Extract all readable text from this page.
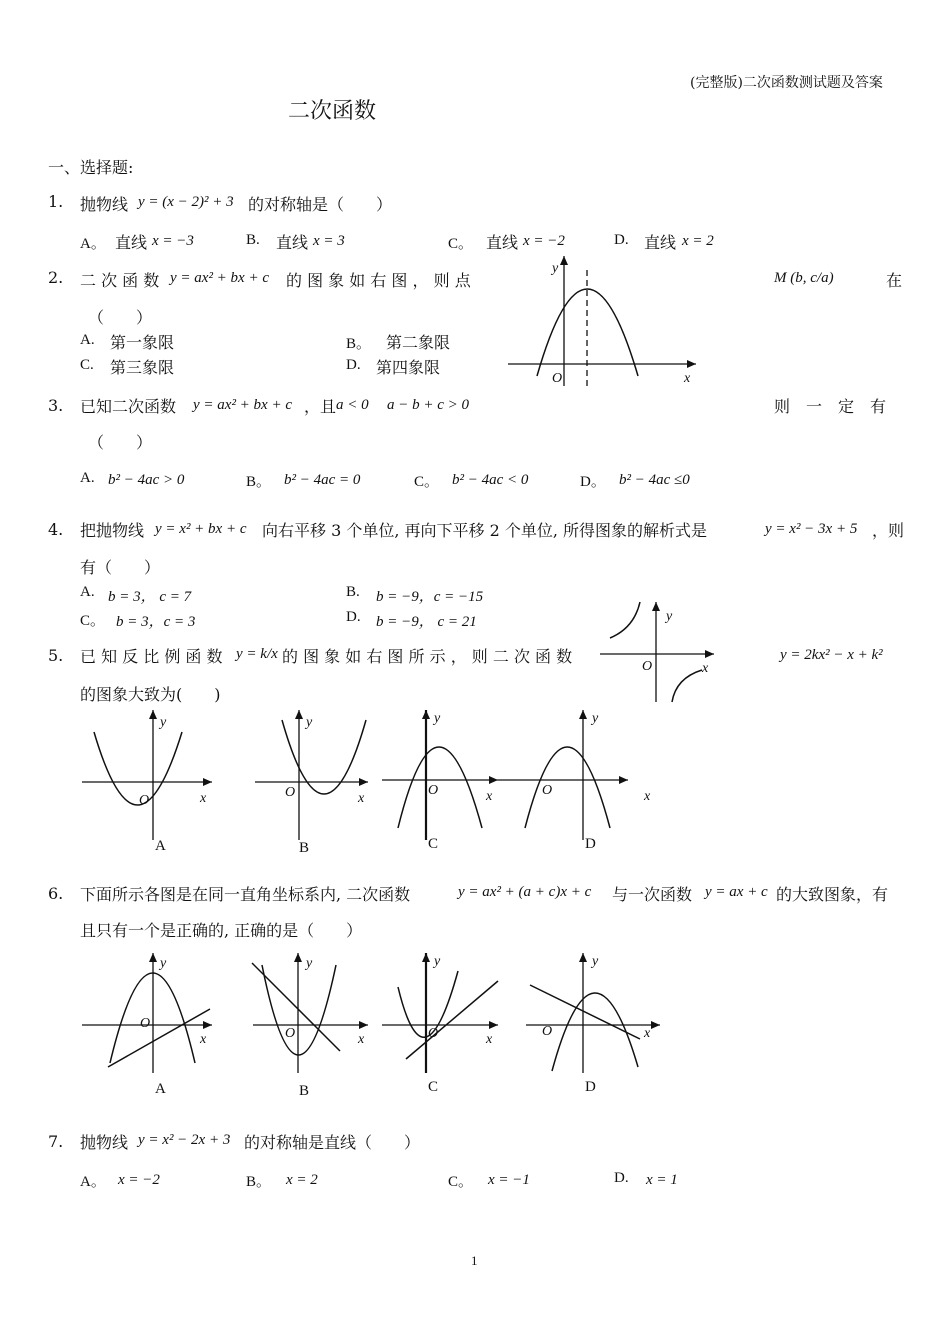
(完整版)二次函数测试题及答案
二次函数
一、选择题:
1. 抛物线 y = (x − 2)² + 3 的对称轴是（　　）
A。 直线 x = −3	B. 直线 x = 3	C。 直线 x = −2	D. 直线 x = 2
2. 二 次 函 数 y = ax² + bx + c 的 图 象 如 右 图 ， 则 点	M (b, c/a)	在
（　　）
A. 第一象限	B。 第二象限
C. 第三象限	D. 第四象限
y
x
O
3. 已知二次函数 y = ax² + bx + c ，且 a < 0 a − b + c > 0	则　一　定　有
（　　）
A. b² − 4ac > 0	B。 b² − 4ac = 0	C。 b² − 4ac < 0	D。 b² − 4ac ≤0
4. 把抛物线 y = x² + bx + c 向右平移 3 个单位, 再向下平移 2 个单位, 所得图象的解析式是	y = x² − 3x + 5 ，则
有（　　）
A. b = 3， c = 7	B. b = −9，c = −15
C。 b = 3，c = 3	D. b = −9， c = 21
5. 已 知 反 比 例 函 数 y = k/x 的 图 象 如 右 图 所 示 ， 则 二 次 函 数	y = 2kx² − x + k²
的图象大致为(　　)
y
x
O
y
x
O
A
y
x
O
B
y
x
O
C
y
x
O
D
6. 下面所示各图是在同一直角坐标系内, 二次函数	y = ax² + (a + c)x + c 与一次函数 y = ax + c 的大致图象，有
且只有一个是正确的, 正确的是（　　）
y
x
O
A
y
x
O
B
y
x
O
C
y
x
O
D
7. 抛物线 y = x² − 2x + 3 的对称轴是直线（　　）
A。 x = −2	B。 x = 2	C。 x = −1	D. x = 1
1
